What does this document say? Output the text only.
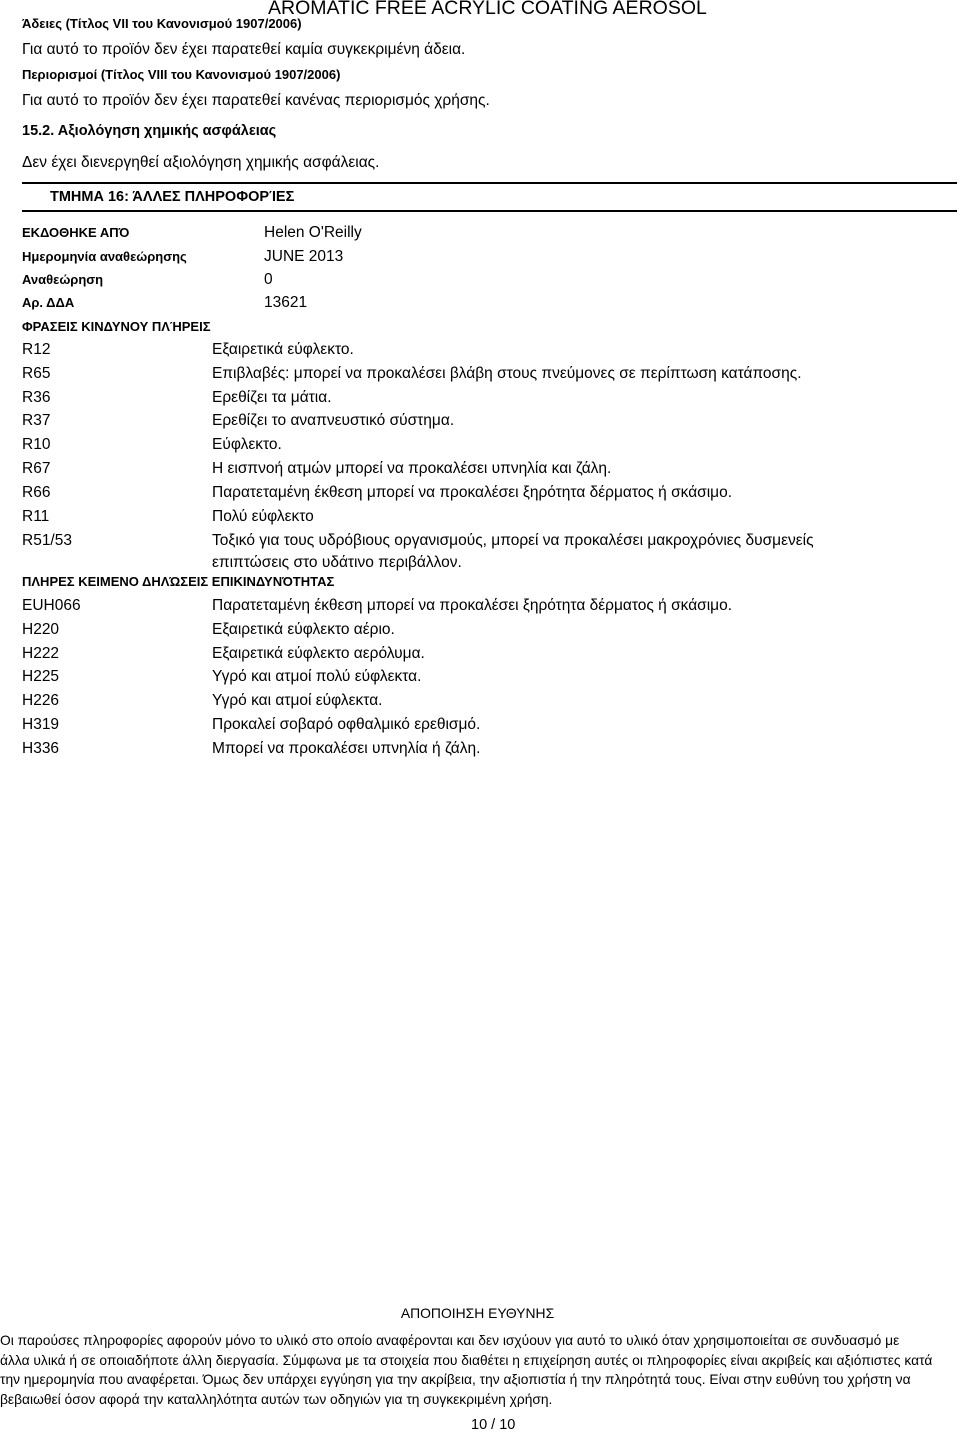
AROMATIC FREE ACRYLIC COATING AEROSOL
Άδειες (Τίτλος VII του Κανονισμού 1907/2006)
Για αυτό το προϊόν δεν έχει παρατεθεί καμία συγκεκριμένη άδεια.
Περιορισμοί (Τίτλος VIII του Κανονισμού 1907/2006)
Για αυτό το προϊόν δεν έχει παρατεθεί κανένας περιορισμός χρήσης.
15.2. Αξιολόγηση χημικής ασφάλειας
Δεν έχει διενεργηθεί αξιολόγηση χημικής ασφάλειας.
ΤΜΗΜΑ 16: ΆΛΛΕΣ ΠΛΗΡΟΦΟΡΊΕΣ
ΕΚΔΟΘΗΚΕ ΑΠΌ	Helen O'Reilly
Ημερομηνία αναθεώρησης	JUNE 2013
Αναθεώρηση	0
Αρ. ΔΔΑ	13621
ΦΡΑΣΕΙΣ ΚΙΝΔΥΝΟΥ ΠΛΉΡΕΙΣ
R12	Εξαιρετικά εύφλεκτο.
R65	Επιβλαβές: μπορεί να προκαλέσει βλάβη στους πνεύμονες σε περίπτωση κατάποσης.
R36	Ερεθίζει τα μάτια.
R37	Ερεθίζει το αναπνευστικό σύστημα.
R10	Εύφλεκτο.
R67	Η εισπνοή ατμών μπορεί να προκαλέσει υπνηλία και ζάλη.
R66	Παρατεταμένη έκθεση μπορεί να προκαλέσει ξηρότητα δέρματος ή σκάσιμο.
R11	Πολύ εύφλεκτο
R51/53	Τοξικό για τους υδρόβιους οργανισμούς, μπορεί να προκαλέσει μακροχρόνιες δυσμενείς επιπτώσεις στο υδάτινο περιβάλλον.
ΠΛΗΡΕΣ ΚΕΙΜΕΝΟ ΔΗΛΏΣΕΙΣ ΕΠΙΚΙΝΔΥΝΌΤΗΤΑΣ
EUH066	Παρατεταμένη έκθεση μπορεί να προκαλέσει ξηρότητα δέρματος ή σκάσιμο.
H220	Εξαιρετικά εύφλεκτο αέριο.
H222	Εξαιρετικά εύφλεκτο αερόλυμα.
H225	Υγρό και ατμοί πολύ εύφλεκτα.
H226	Υγρό και ατμοί εύφλεκτα.
H319	Προκαλεί σοβαρό οφθαλμικό ερεθισμό.
H336	Μπορεί να προκαλέσει υπνηλία ή ζάλη.
ΑΠΟΠΟΙΗΣΗ ΕΥΘΥΝΗΣ
Οι παρούσες πληροφορίες αφορούν μόνο το υλικό στο οποίο αναφέρονται και δεν ισχύουν για αυτό το υλικό όταν χρησιμοποιείται σε συνδυασμό με
άλλα υλικά ή σε οποιαδήποτε άλλη διεργασία. Σύμφωνα με τα στοιχεία που διαθέτει η επιχείρηση αυτές οι πληροφορίες είναι ακριβείς και αξιόπιστες κατά
την ημερομηνία που αναφέρεται. Όμως δεν υπάρχει εγγύηση για την ακρίβεια, την αξιοπιστία ή την πληρότητά τους. Είναι στην ευθύνη του χρήστη να
βεβαιωθεί όσον αφορά την καταλληλότητα αυτών των οδηγιών για τη συγκεκριμένη χρήση.
10 / 10
